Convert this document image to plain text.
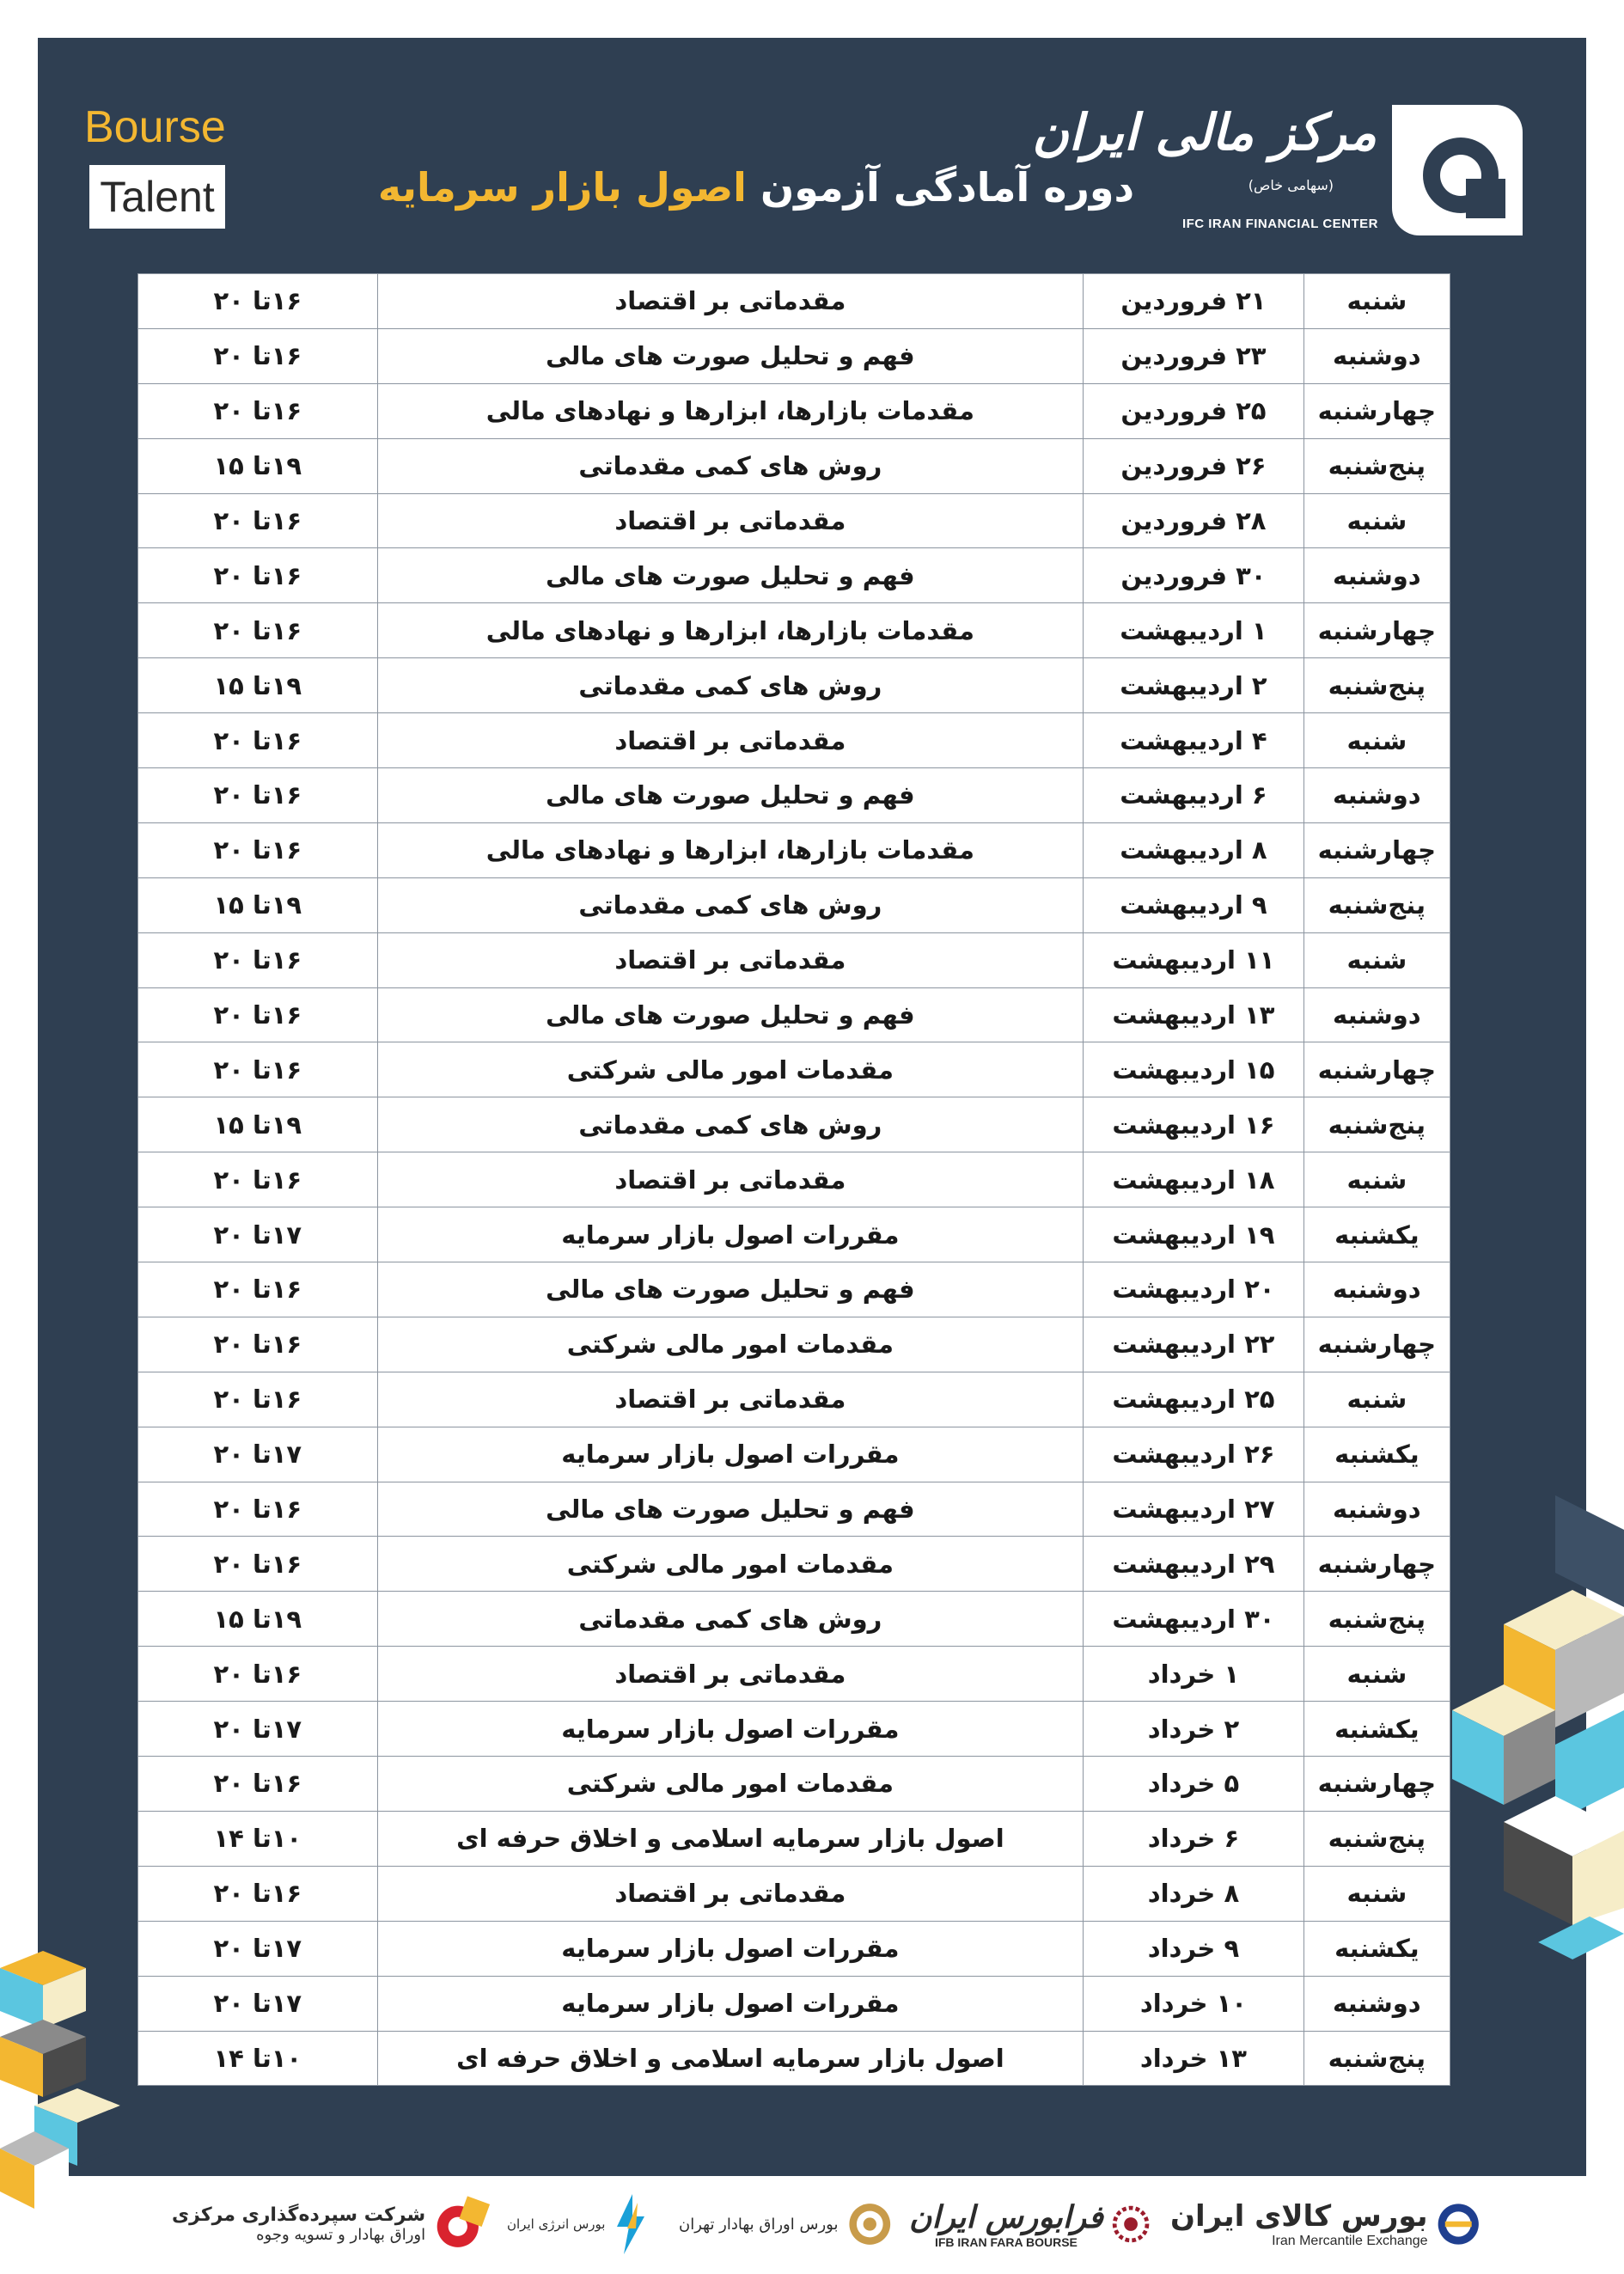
Bourse
Talent	دوره آمادگی آزمون اصول بازار سرمایه
مرکز مالی ایران
(سهامی خاص)
IFC IRAN FINANCIAL CENTER
شنبه	۲۱ فروردین	مقدماتی بر اقتصاد	۱۶تا ۲۰
دوشنبه	۲۳ فروردین	فهم و تحلیل صورت های مالی	۱۶تا ۲۰
چهارشنبه	۲۵ فروردین	مقدمات بازارها، ابزارها و نهادهای مالی	۱۶تا ۲۰
پنج‌شنبه	۲۶ فروردین	روش های کمی مقدماتی	۱۹تا ۱۵
شنبه	۲۸ فروردین	مقدماتی بر اقتصاد	۱۶تا ۲۰
دوشنبه	۳۰ فروردین	فهم و تحلیل صورت های مالی	۱۶تا ۲۰
چهارشنبه	۱ اردیبهشت	مقدمات بازارها، ابزارها و نهادهای مالی	۱۶تا ۲۰
پنج‌شنبه	۲ اردیبهشت	روش های کمی مقدماتی	۱۹تا ۱۵
شنبه	۴ اردیبهشت	مقدماتی بر اقتصاد	۱۶تا ۲۰
دوشنبه	۶ اردیبهشت	فهم و تحلیل صورت های مالی	۱۶تا ۲۰
چهارشنبه	۸ اردیبهشت	مقدمات بازارها، ابزارها و نهادهای مالی	۱۶تا ۲۰
پنج‌شنبه	۹ اردیبهشت	روش های کمی مقدماتی	۱۹تا ۱۵
شنبه	۱۱ اردیبهشت	مقدماتی بر اقتصاد	۱۶تا ۲۰
دوشنبه	۱۳ اردیبهشت	فهم و تحلیل صورت های مالی	۱۶تا ۲۰
چهارشنبه	۱۵ اردیبهشت	مقدمات امور مالی شرکتی	۱۶تا ۲۰
پنج‌شنبه	۱۶ اردیبهشت	روش های کمی مقدماتی	۱۹تا ۱۵
شنبه	۱۸ اردیبهشت	مقدماتی بر اقتصاد	۱۶تا ۲۰
یکشنبه	۱۹ اردیبهشت	مقررات اصول بازار سرمایه	۱۷تا ۲۰
دوشنبه	۲۰ اردیبهشت	فهم و تحلیل صورت های مالی	۱۶تا ۲۰
چهارشنبه	۲۲ اردیبهشت	مقدمات امور مالی شرکتی	۱۶تا ۲۰
شنبه	۲۵ اردیبهشت	مقدماتی بر اقتصاد	۱۶تا ۲۰
یکشنبه	۲۶ اردیبهشت	مقررات اصول بازار سرمایه	۱۷تا ۲۰
دوشنبه	۲۷ اردیبهشت	فهم و تحلیل صورت های مالی	۱۶تا ۲۰
چهارشنبه	۲۹ اردیبهشت	مقدمات امور مالی شرکتی	۱۶تا ۲۰
پنج‌شنبه	۳۰ اردیبهشت	روش های کمی مقدماتی	۱۹تا ۱۵
شنبه	۱ خرداد	مقدماتی بر اقتصاد	۱۶تا ۲۰
یکشنبه	۲ خرداد	مقررات اصول بازار سرمایه	۱۷تا ۲۰
چهارشنبه	۵ خرداد	مقدمات امور مالی شرکتی	۱۶تا ۲۰
پنج‌شنبه	۶ خرداد	اصول بازار سرمایه اسلامی و اخلاق حرفه ای	۱۰تا ۱۴
شنبه	۸ خرداد	مقدماتی بر اقتصاد	۱۶تا ۲۰
یکشنبه	۹ خرداد	مقررات اصول بازار سرمایه	۱۷تا ۲۰
دوشنبه	۱۰ خرداد	مقررات اصول بازار سرمایه	۱۷تا ۲۰
پنج‌شنبه	۱۳ خرداد	اصول بازار سرمایه اسلامی و اخلاق حرفه ای	۱۰تا ۱۴
بورس کالای ایران
Iran Mercantile Exchange
فرابورس ایران
IFB IRAN FARA BOURSE
بورس اوراق بهادار تهران
بورس انرژی ایران
شرکت سپرده‌گذاری مرکزی
اوراق بهادار و تسویه وجوه
